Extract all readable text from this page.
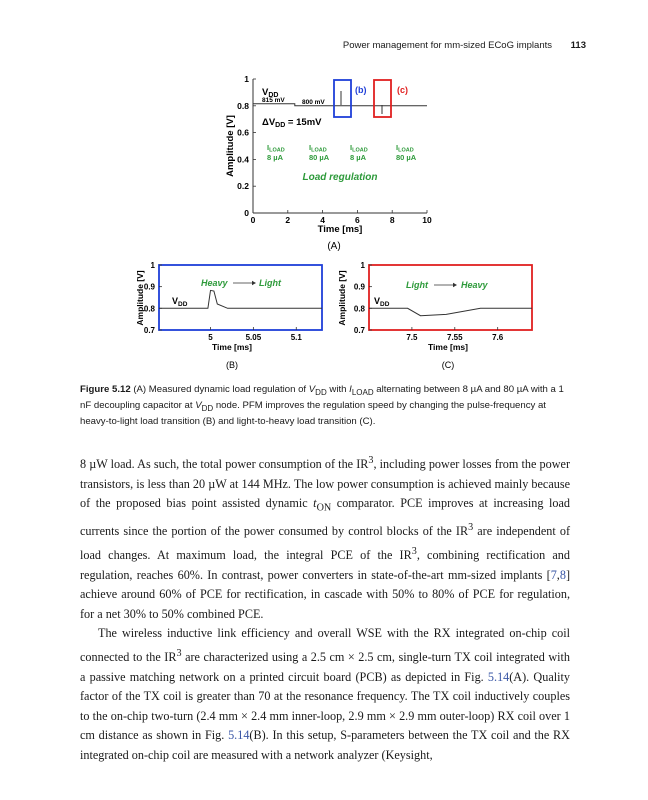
Power management for mm-sized ECoG implants 113
0
0.2
0.4
0.6
0.8
1
0	2	4	6	8	10
Amplitude [V]
Time [ms]
(b)	(c)
$V_{DD}$
815 mV	800 mV
$\Delta V_{DD} = 15mV$
$I_{LOAD}$
8 µA
$I_{LOAD}$
80 µA
$I_{LOAD}$
8 µA
$I_{LOAD}$
80 µA
Load regulation
(A)
0.7
0.8
0.9
1
5	5.05	5.1
Amplitude [V]
Time [ms]
Heavy	Light
$V_{DD}$
(B)
0.7
0.8
0.9
1
7.5	7.55	7.6
Amplitude [V]
Time [ms]
Light	Heavy
$V_{DD}$
(C)
Figure 5.12 (A) Measured dynamic load regulation of $V_{DD}$ with $I_{LOAD}$ alternating between 8 µA and 80 µA with a 1 nF decoupling capacitor at $V_{DD}$ node. PFM improves the regulation speed by changing the pulse-frequency at heavy-to-light load transition (B) and light-to-heavy load transition (C).

8 µW load. As such, the total power consumption of the $IR^3$, including power losses from the power transistors, is less than 20 µW at 144 MHz. The low power consumption is achieved mainly because of the proposed bias point assisted dynamic $t_{ON}$ comparator. PCE improves at increasing load currents since the portion of the power consumed by control blocks of the $IR^3$ are independent of load changes. At maximum load, the integral PCE of the $IR^3$, combining rectification and regulation, reaches 60%. In contrast, power converters in state-of-the-art mm-sized implants [7,8] achieve around 60% of PCE for rectification, in cascade with 50% to 80% of PCE for regulation, for a net 30% to 50% combined PCE.

The wireless inductive link efficiency and overall WSE with the RX integrated on-chip coil connected to the $IR^3$ are characterized using a 2.5 cm × 2.5 cm, single-turn TX coil integrated with a passive matching network on a printed circuit board (PCB) as depicted in Fig. 5.14(A). Quality factor of the TX coil is greater than 70 at the resonance frequency. The TX coil inductively couples to the on-chip two-turn (2.4 mm × 2.4 mm inner-loop, 2.9 mm × 2.9 mm outer-loop) RX coil over 1 cm distance as shown in Fig. 5.14(B). In this setup, S-parameters between the TX coil and the RX integrated on-chip coil are measured with a network analyzer (Keysight,
